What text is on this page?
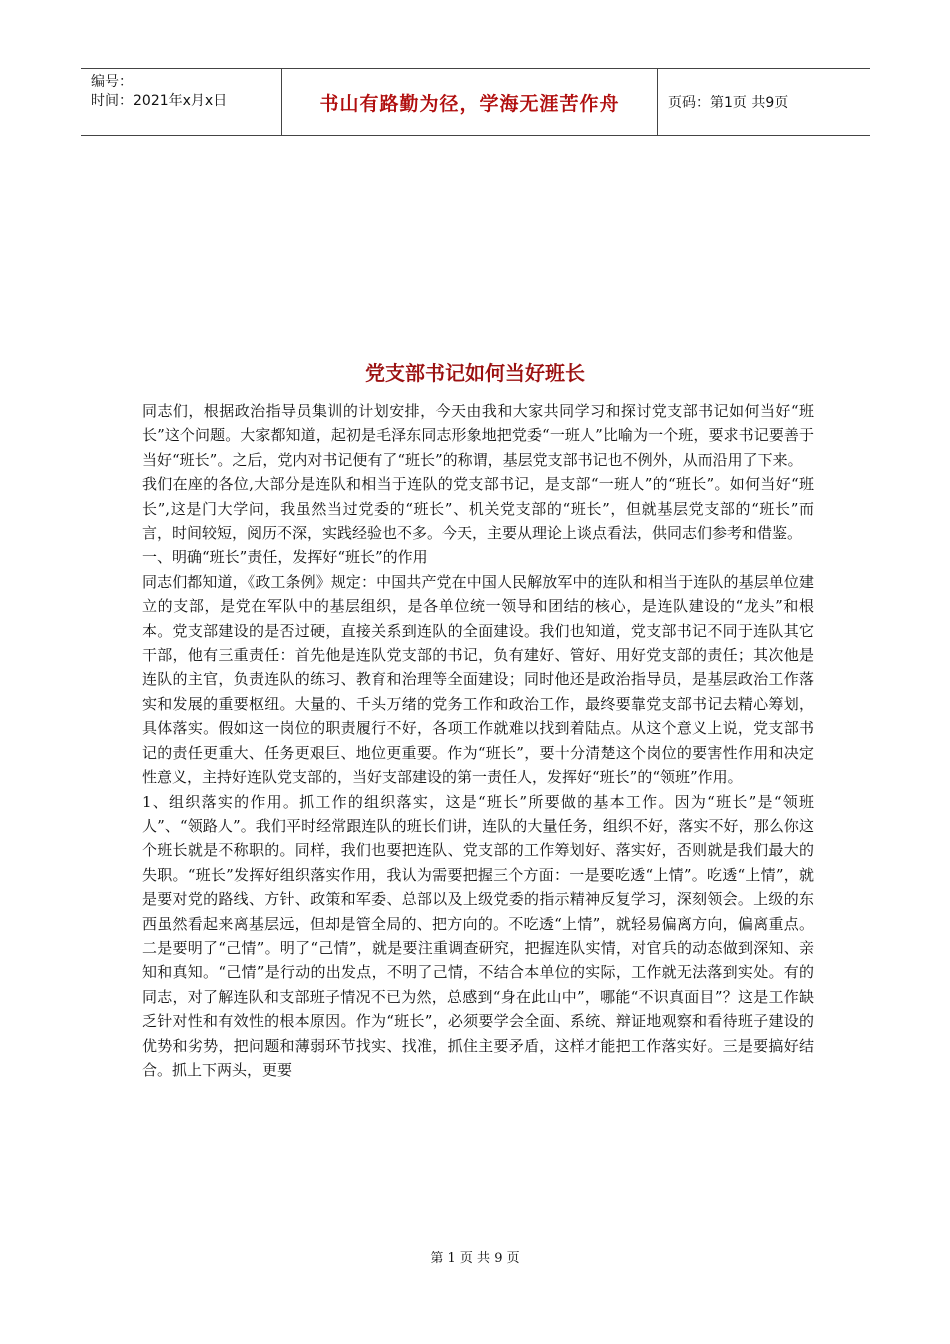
编号：
时间：2021年x月x日	书山有路勤为径，学海无涯苦作舟	页码：第1页 共9页
党支部书记如何当好班长

同志们，根据政治指导员集训的计划安排，今天由我和大家共同学习和探讨党支部书记如何当好“班长”这个问题。大家都知道，起初是毛泽东同志形象地把党委“一班人”比喻为一个班，要求书记要善于当好“班长”。之后，党内对书记便有了“班长”的称谓，基层党支部书记也不例外，从而沿用了下来。

我们在座的各位,大部分是连队和相当于连队的党支部书记，是支部“一班人”的“班长”。如何当好“班长”,这是门大学问，我虽然当过党委的“班长”、机关党支部的“班长”，但就基层党支部的“班长”而言，时间较短，阅历不深，实践经验也不多。今天，主要从理论上谈点看法，供同志们参考和借鉴。

一、明确“班长”责任，发挥好“班长”的作用

同志们都知道，《政工条例》规定：中国共产党在中国人民解放军中的连队和相当于连队的基层单位建立的支部，是党在军队中的基层组织，是各单位统一领导和团结的核心，是连队建设的“龙头”和根本。党支部建设的是否过硬，直接关系到连队的全面建设。我们也知道，党支部书记不同于连队其它干部，他有三重责任：首先他是连队党支部的书记，负有建好、管好、用好党支部的责任；其次他是连队的主官，负责连队的练习、教育和治理等全面建设；同时他还是政治指导员，是基层政治工作落实和发展的重要枢纽。大量的、千头万绪的党务工作和政治工作，最终要靠党支部书记去精心筹划，具体落实。假如这一岗位的职责履行不好，各项工作就难以找到着陆点。从这个意义上说，党支部书记的责任更重大、任务更艰巨、地位更重要。作为“班长”，要十分清楚这个岗位的要害性作用和决定性意义，主持好连队党支部的，当好支部建设的第一责任人，发挥好“班长”的“领班”作用。

1、组织落实的作用。抓工作的组织落实，这是“班长”所要做的基本工作。因为“班长”是“领班人”、“领路人”。我们平时经常跟连队的班长们讲，连队的大量任务，组织不好，落实不好，那么你这个班长就是不称职的。同样，我们也要把连队、党支部的工作筹划好、落实好，否则就是我们最大的失职。“班长”发挥好组织落实作用，我认为需要把握三个方面：一是要吃透“上情”。吃透“上情”，就是要对党的路线、方针、政策和军委、总部以及上级党委的指示精神反复学习，深刻领会。上级的东西虽然看起来离基层远，但却是管全局的、把方向的。不吃透“上情”，就轻易偏离方向，偏离重点。二是要明了“己情”。明了“己情”，就是要注重调查研究，把握连队实情，对官兵的动态做到深知、亲知和真知。“己情”是行动的出发点，不明了己情，不结合本单位的实际，工作就无法落到实处。有的同志，对了解连队和支部班子情况不已为然，总感到“身在此山中”，哪能“不识真面目”？这是工作缺乏针对性和有效性的根本原因。作为“班长”，必须要学会全面、系统、辩证地观察和看待班子建设的优势和劣势，把问题和薄弱环节找实、找准，抓住主要矛盾，这样才能把工作落实好。三是要搞好结合。抓上下两头，更要

第 1 页 共 9 页
